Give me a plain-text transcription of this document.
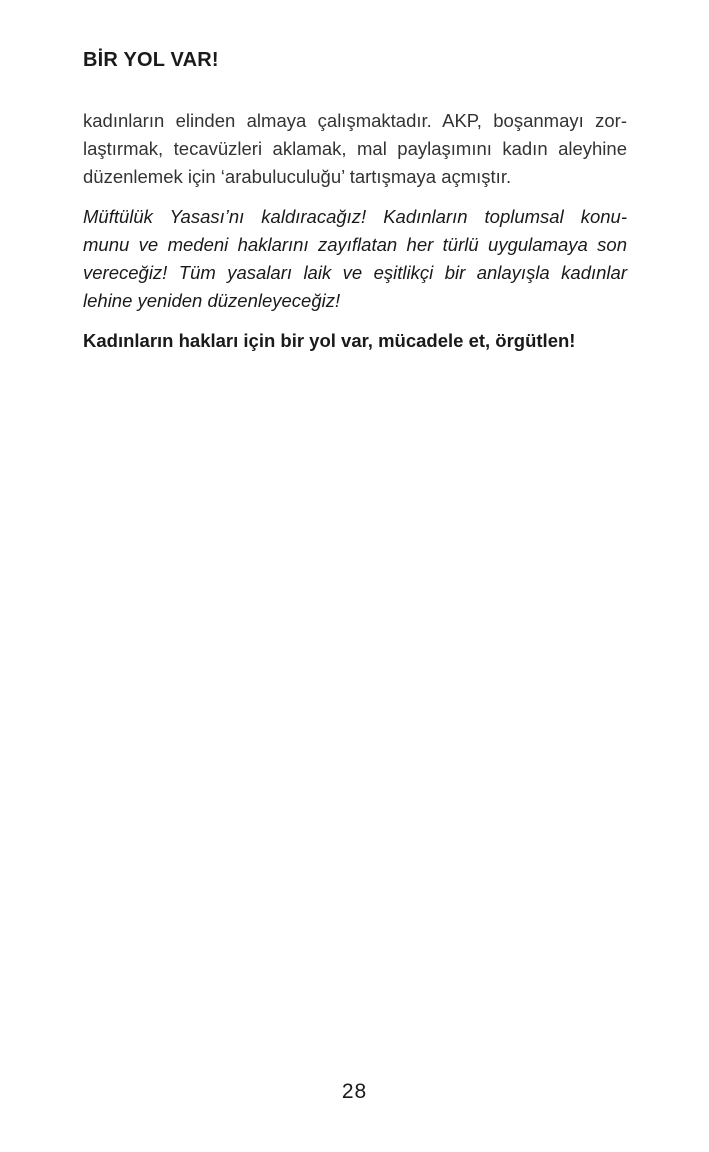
BİR YOL VAR!

kadınların elinden almaya çalışmaktadır. AKP, boşanmayı zor-
laştırmak, tecavüzleri aklamak, mal paylaşımını kadın aleyhine
düzenlemek için ‘arabuluculuğu’ tartışmaya açmıştır.

Müftülük Yasası’nı kaldıracağız! Kadınların toplumsal konu-
munu ve medeni haklarını zayıflatan her türlü uygulamaya son
vereceğiz! Tüm yasaları laik ve eşitlikçi bir anlayışla kadınlar
lehine yeniden düzenleyeceğiz!

Kadınların hakları için bir yol var, mücadele et, örgütlen!

28
